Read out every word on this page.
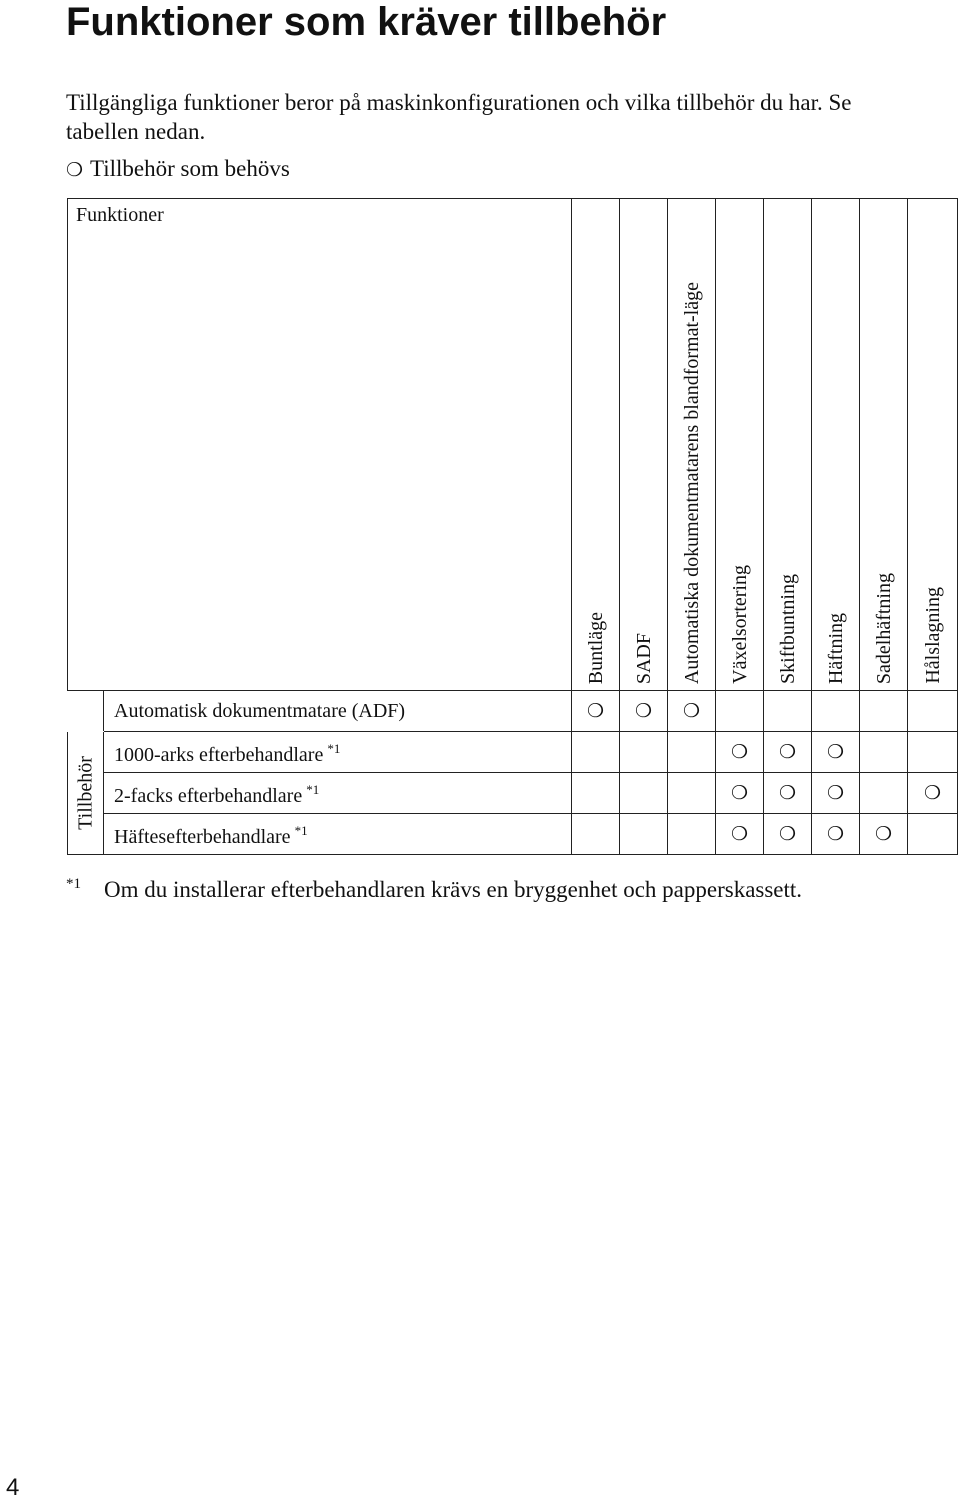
Funktioner som kräver tillbehör
Tillgängliga funktioner beror på maskinkonfigurationen och vilka tillbehör du har. Se tabellen nedan.
❍ Tillbehör som behövs
Funktioner		Buntläge	SADF	Automatiska dokumentmatarens blandformat-läge	Växelsortering	Skiftbuntning	Häftning	Sadelhäftning	Hålslagning

	Automatisk dokumentmatare (ADF)	❍	❍	❍					

Tillbehör	1000-arks efterbehandlare $^{*1}$				❍	❍	❍		
	2-facks efterbehandlare $^{*1}$				❍	❍	❍		❍
	Häftesefterbehandlare $^{*1}$				❍	❍	❍	❍	
*1 Om du installerar efterbehandlaren krävs en bryggenhet och papperskassett.
4
